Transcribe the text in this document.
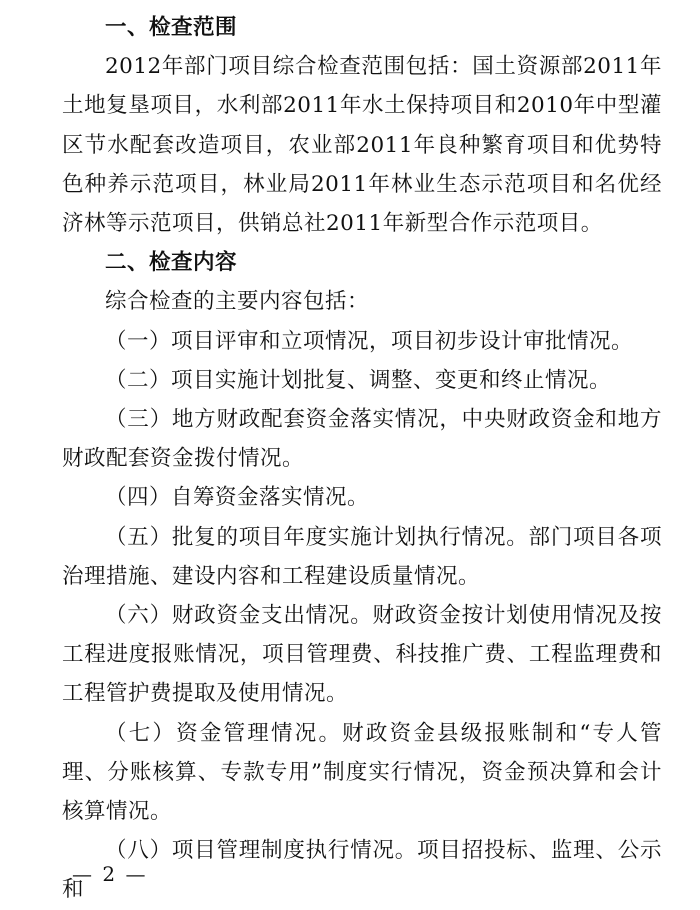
一、检查范围

2012年部门项目综合检查范围包括：国土资源部2011年土地复垦项目，水利部2011年水土保持项目和2010年中型灌区节水配套改造项目，农业部2011年良种繁育项目和优势特色种养示范项目，林业局2011年林业生态示范项目和名优经济林等示范项目，供销总社2011年新型合作示范项目。

二、检查内容

综合检查的主要内容包括：

（一）项目评审和立项情况，项目初步设计审批情况。

（二）项目实施计划批复、调整、变更和终止情况。

（三）地方财政配套资金落实情况，中央财政资金和地方财政配套资金拨付情况。

（四）自筹资金落实情况。

（五）批复的项目年度实施计划执行情况。部门项目各项治理措施、建设内容和工程建设质量情况。

（六）财政资金支出情况。财政资金按计划使用情况及按工程进度报账情况，项目管理费、科技推广费、工程监理费和工程管护费提取及使用情况。

（七）资金管理情况。财政资金县级报账制和“专人管理、分账核算、专款专用”制度实行情况，资金预决算和会计核算情况。

（八）项目管理制度执行情况。项目招投标、监理、公示和

— 2 —
